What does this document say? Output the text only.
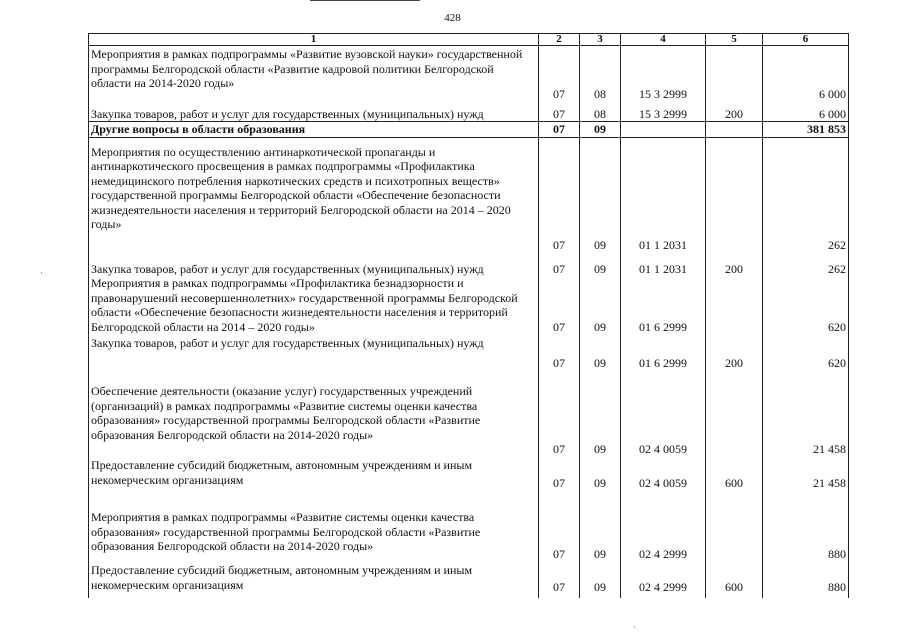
428
·
·
1	2	3	4	5	6
Мероприятия в рамках подпрограммы «Развитие вузовской науки» государственной программы Белгородской области «Развитие кадровой политики Белгородской области на 2014-2020 годы»	07	08	15 3 2999		6 000
Закупка товаров, работ и услуг для государственных (муниципальных) нужд	07	08	15 3 2999	200	6 000
Другие вопросы в области образования	07	09			381 853
Мероприятия по осуществлению антинаркотической пропаганды и антинаркотического просвещения в рамках подпрограммы «Профилактика немедицинского потребления наркотических средств и психотропных веществ» государственной программы Белгородской области «Обеспечение безопасности жизнедеятельности населения и территорий Белгородской области на 2014 – 2020 годы»	07	09	01 1 2031		262
Закупка товаров, работ и услуг для государственных (муниципальных) нужд	07	09	01 1 2031	200	262
Мероприятия в рамках подпрограммы «Профилактика безнадзорности и правонарушений несовершеннолетних» государственной программы Белгородской области «Обеспечение безопасности жизнедеятельности населения и территорий Белгородской области на 2014 – 2020 годы»	07	09	01 6 2999		620
Закупка товаров, работ и услуг для государственных (муниципальных) нужд	07	09	01 6 2999	200	620
Обеспечение деятельности (оказание услуг) государственных учреждений (организаций) в рамках подпрограммы «Развитие системы оценки качества образования» государственной программы Белгородской области «Развитие образования Белгородской области на 2014-2020 годы»	07	09	02 4 0059		21 458
Предоставление субсидий бюджетным, автономным учреждениям и иным некомерческим организациям	07	09	02 4 0059	600	21 458
Мероприятия в рамках подпрограммы «Развитие системы оценки качества образования» государственной программы Белгородской области «Развитие образования Белгородской области на 2014-2020 годы»	07	09	02 4 2999		880
Предоставление субсидий бюджетным, автономным учреждениям и иным некомерческим организациям	07	09	02 4 2999	600	880
